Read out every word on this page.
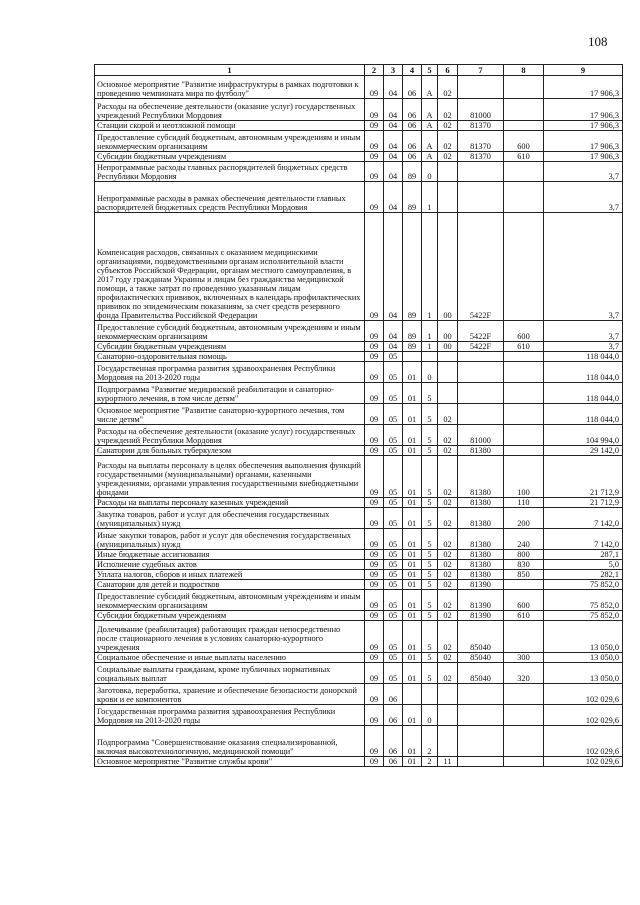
108
1	2	3	4	5	6	7	8	9
Основное мероприятие "Развитие инфраструктуры в рамках подготовки к проведению чемпионата мира по футболу"	09	04	06	А	02			17 906,3
Расходы на обеспечение деятельности (оказание услуг) государственных учреждений Республики Мордовия	09	04	06	А	02	81000		17 906,3
Станции скорой и неотложной помощи	09	04	06	А	02	81370		17 906,3
Предоставление субсидий бюджетным, автономным учреждениям и иным некоммерческим организациям	09	04	06	А	02	81370	600	17 906,3
Субсидии бюджетным учреждениям	09	04	06	А	02	81370	610	17 906,3
Непрограммные расходы главных распорядителей бюджетных средств Республики Мордовия	09	04	89	0				3,7
Непрограммные расходы в рамках обеспечения деятельности главных распорядителей бюджетных средств Республики Мордовия	09	04	89	1				3,7
Компенсация расходов, связанных с оказанием медицинскими организациями, подведомственными органам исполнительной власти субъектов Российской Федерации, органам местного самоуправления, в 2017 году гражданам Украины и лицам без гражданства медицинской помощи, а также затрат по проведению указанным лицам профилактических прививок, включенных в календарь профилактических прививок по эпидемическим показаниям, за счет средств резервного фонда Правительства Российской Федерации	09	04	89	1	00	5422F		3,7
Предоставление субсидий бюджетным, автономным учреждениям и иным некоммерческим организациям	09	04	89	1	00	5422F	600	3,7
Субсидии бюджетным учреждениям	09	04	89	1	00	5422F	610	3,7
Санаторно-оздоровительная помощь	09	05						118 044,0
Государственная программа развития здравоохранения Республики Мордовия на 2013-2020 годы	09	05	01	0				118 044,0
Подпрограмма "Развитие медицинской реабилитации и санаторно-курортного лечения, в том числе детям"	09	05	01	5				118 044,0
Основное мероприятие "Развитие санаторно-курортного лечения, том числе детям"	09	05	01	5	02			118 044,0
Расходы на обеспечение деятельности (оказание услуг) государственных учреждений Республики Мордовия	09	05	01	5	02	81000		104 994,0
Санатории для больных туберкулезом	09	05	01	5	02	81380		29 142,0
Расходы на выплаты персоналу в целях обеспечения выполнения функций государственными (муниципальными) органами, казенными учреждениями, органами управления государственными внебюджетными фондами	09	05	01	5	02	81380	100	21 712,9
Расходы на выплаты персоналу казенных учреждений	09	05	01	5	02	81380	110	21 712,9
Закупка товаров, работ и услуг для обеспечения государственных (муниципальных) нужд	09	05	01	5	02	81380	200	7 142,0
Иные закупки товаров, работ и услуг для обеспечения государственных (муниципальных) нужд	09	05	01	5	02	81380	240	7 142,0
Иные бюджетные ассигнования	09	05	01	5	02	81380	800	287,1
Исполнение судебных актов	09	05	01	5	02	81380	830	5,0
Уплата налогов, сборов и иных платежей	09	05	01	5	02	81380	850	282,1
Санатории для детей и подростков	09	05	01	5	02	81390		75 852,0
Предоставление субсидий бюджетным, автономным учреждениям и иным некоммерческим организациям	09	05	01	5	02	81390	600	75 852,0
Субсидии бюджетным учреждениям	09	05	01	5	02	81390	610	75 852,0
Долечивание (реабилитация) работающих граждан непосредственно после стационарного лечения в условиях санаторно-курортного учреждения	09	05	01	5	02	85040		13 050,0
Социальное обеспечение и иные выплаты населению	09	05	01	5	02	85040	300	13 050,0
Социальные выплаты гражданам, кроме публичных нормативных социальных выплат	09	05	01	5	02	85040	320	13 050,0
Заготовка, переработка, хранение и обеспечение безопасности донорской крови и ее компонентов	09	06						102 029,6
Государственная программа развития здравоохранения Республики Мордовия на 2013-2020 годы	09	06	01	0				102 029,6
Подпрограмма "Совершенствование оказания специализированной, включая высокотехнологичную, медицинской помощи"	09	06	01	2				102 029,6
Основное мероприятие "Развитие службы крови"	09	06	01	2	11			102 029,6
